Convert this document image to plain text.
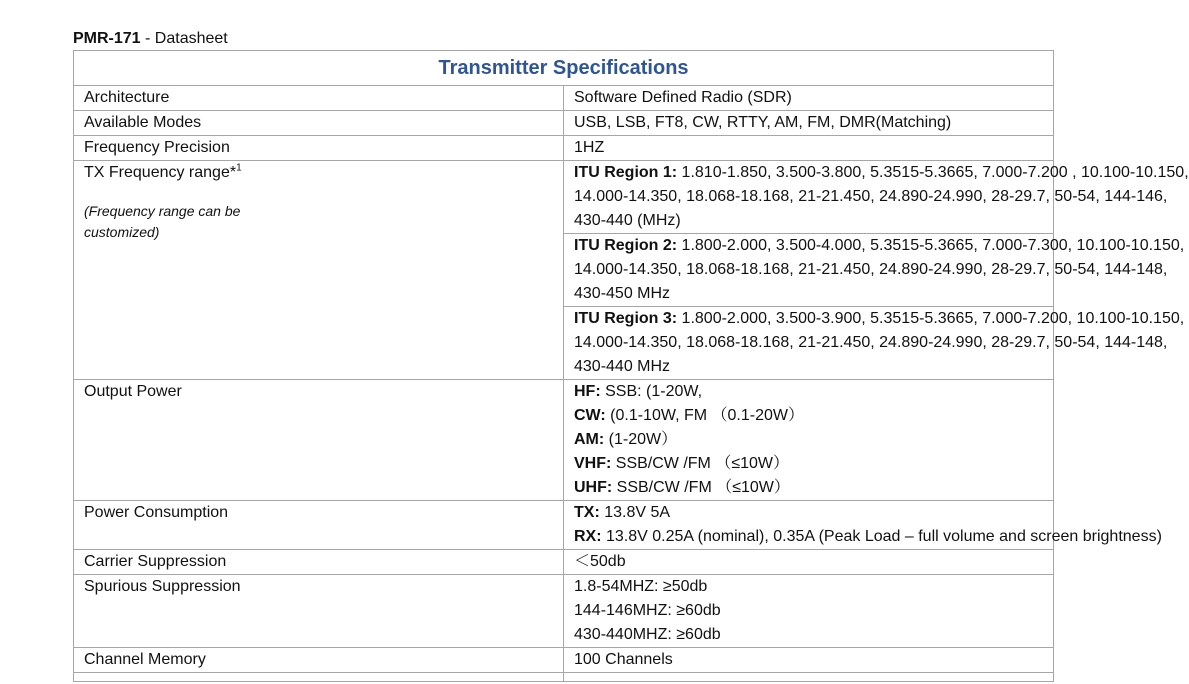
PMR-171 - Datasheet
Transmitter Specifications	
Architecture	Software Defined Radio (SDR)
Available Modes	USB, LSB, FT8, CW, RTTY, AM, FM, DMR(Matching)
Frequency Precision	1HZ
TX Frequency range*$^1$
(Frequency range can be
customized)	ITU Region 1: 1.810-1.850, 3.500-3.800, 5.3515-5.3665, 7.000-7.200 , 10.100-10.150,
14.000-14.350, 18.068-18.168, 21-21.450, 24.890-24.990, 28-29.7, 50-54, 144-146,
430-440 (MHz)

	ITU Region 2: 1.800-2.000, 3.500-4.000, 5.3515-5.3665, 7.000-7.300, 10.100-10.150,
14.000-14.350, 18.068-18.168, 21-21.450, 24.890-24.990, 28-29.7, 50-54, 144-148,
430-450 MHz

	ITU Region 3: 1.800-2.000, 3.500-3.900, 5.3515-5.3665, 7.000-7.200, 10.100-10.150,
14.000-14.350, 18.068-18.168, 21-21.450, 24.890-24.990, 28-29.7, 50-54, 144-148,
430-440 MHz

Output Power	HF: SSB: (1-20W,
CW: (0.1-10W, FM （0.1-20W）
AM: (1-20W）
VHF: SSB/CW /FM （≤10W）
UHF: SSB/CW /FM （≤10W）

Power Consumption	TX: 13.8V 5A
RX: 13.8V 0.25A (nominal), 0.35A (Peak Load – full volume and screen brightness)

Carrier Suppression	＜50db
Spurious Suppression	1.8-54MHZ: ≥50db
144-146MHZ: ≥60db
430-440MHZ: ≥60db

Channel Memory	100 Channels
